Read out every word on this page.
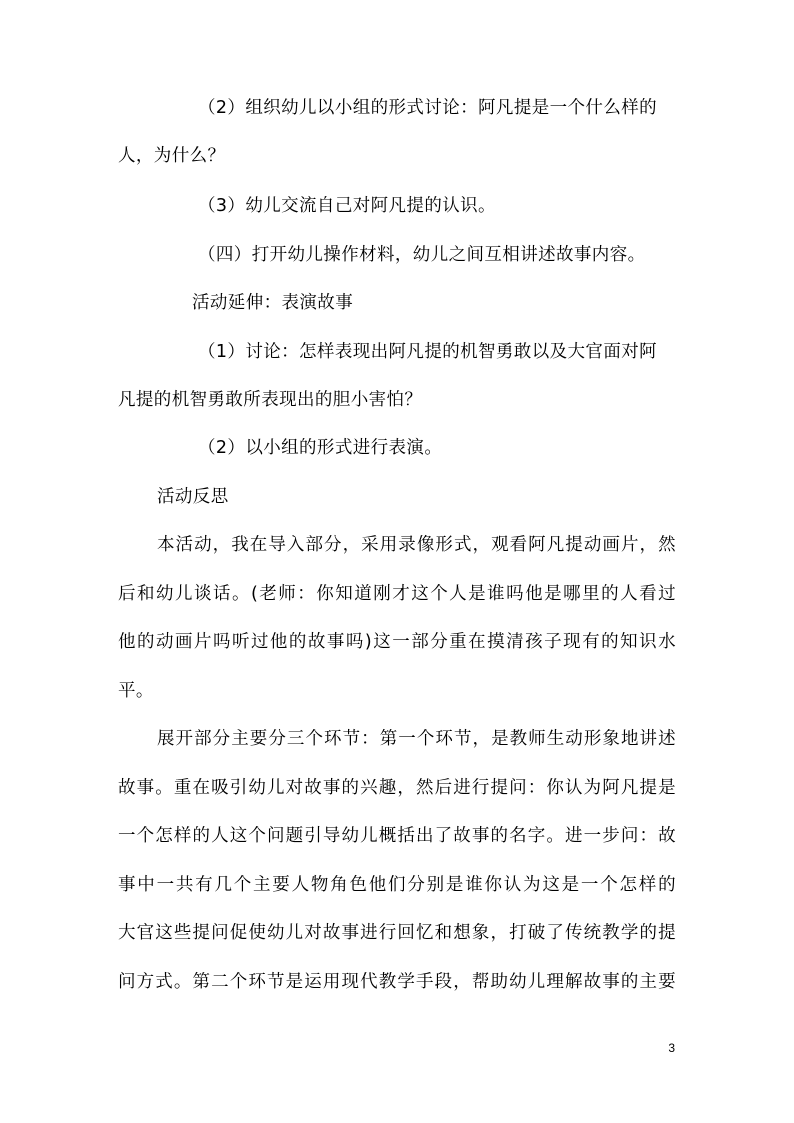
（2）组织幼儿以小组的形式讨论：阿凡提是一个什么样的
人，为什么？
（3）幼儿交流自己对阿凡提的认识。
（四）打开幼儿操作材料，幼儿之间互相讲述故事内容。
活动延伸：表演故事
（1）讨论：怎样表现出阿凡提的机智勇敢以及大官面对阿
凡提的机智勇敢所表现出的胆小害怕？
（2）以小组的形式进行表演。
活动反思
本活动，我在导入部分，采用录像形式，观看阿凡提动画片，然
后和幼儿谈话。(老师：你知道刚才这个人是谁吗他是哪里的人看过
他的动画片吗听过他的故事吗)这一部分重在摸清孩子现有的知识水
平。
展开部分主要分三个环节：第一个环节，是教师生动形象地讲述
故事。重在吸引幼儿对故事的兴趣，然后进行提问：你认为阿凡提是
一个怎样的人这个问题引导幼儿概括出了故事的名字。进一步问：故
事中一共有几个主要人物角色他们分别是谁你认为这是一个怎样的
大官这些提问促使幼儿对故事进行回忆和想象，打破了传统教学的提
问方式。第二个环节是运用现代教学手段，帮助幼儿理解故事的主要
3
